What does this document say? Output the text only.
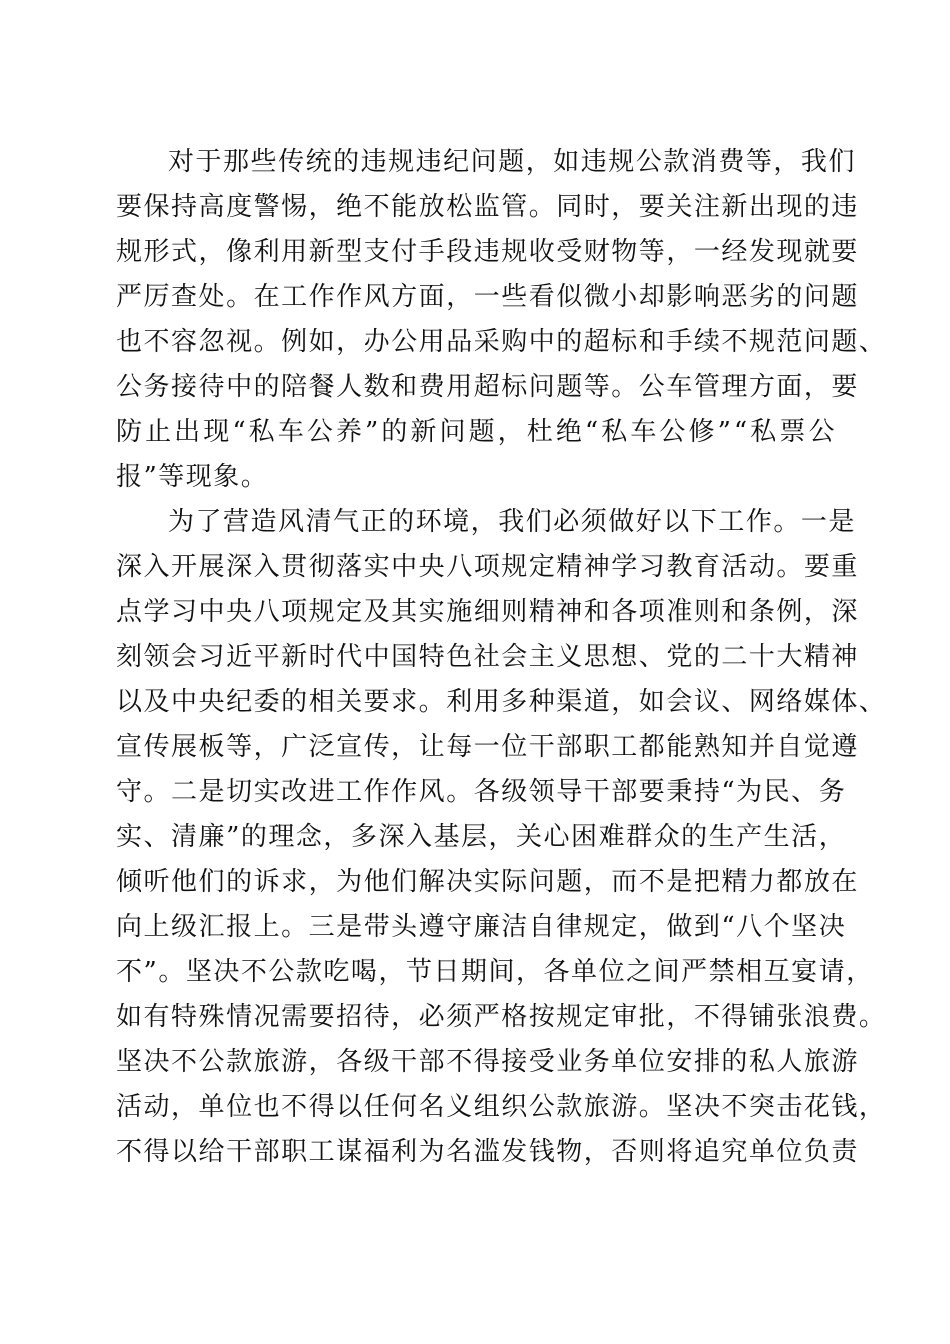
对 于 那 些 传 统 的 违 规 违 纪 问 题 ， 如 违 规 公 款 消 费 等 ， 我 们
要 保 持 高 度 警 惕 ， 绝 不 能 放 松 监 管 。 同 时 ， 要 关 注 新 出 现 的 违
规 形 式 ， 像 利 用 新 型 支 付 手 段 违 规 收 受 财 物 等 ， 一 经 发 现 就 要
严 厉 查 处 。 在 工 作 作 风 方 面 ， 一 些 看 似 微 小 却 影 响 恶 劣 的 问 题
也 不 容 忽 视 。 例 如 ， 办 公 用 品 采 购 中 的 超 标 和 手 续 不 规 范 问 题 、
公 务 接 待 中 的 陪 餐 人 数 和 费 用 超 标 问 题 等 。 公 车 管 理 方 面 ， 要
防 止 出 现 “ 私 车 公 养 ” 的 新 问 题 ， 杜 绝 “ 私 车 公 修 ” “ 私 票 公
报”等现象。
为 了 营 造 风 清 气 正 的 环 境 ， 我 们 必 须 做 好 以 下 工 作 。 一 是
深 入 开 展 深 入 贯 彻 落 实 中 央 八 项 规 定 精 神 学 习 教 育 活 动 。 要 重
点 学 习 中 央 八 项 规 定 及 其 实 施 细 则 精 神 和 各 项 准 则 和 条 例 ， 深
刻 领 会 习 近 平 新 时 代 中 国 特 色 社 会 主 义 思 想 、 党 的 二 十 大 精 神
以 及 中 央 纪 委 的 相 关 要 求 。 利 用 多 种 渠 道 ， 如 会 议 、 网 络 媒 体 、
宣 传 展 板 等 ， 广 泛 宣 传 ， 让 每 一 位 干 部 职 工 都 能 熟 知 并 自 觉 遵
守 。 二 是 切 实 改 进 工 作 作 风 。 各 级 领 导 干 部 要 秉 持 “ 为 民 、 务
实 、 清 廉 ” 的 理 念 ， 多 深 入 基 层 ， 关 心 困 难 群 众 的 生 产 生 活 ，
倾 听 他 们 的 诉 求 ， 为 他 们 解 决 实 际 问 题 ， 而 不 是 把 精 力 都 放 在
向 上 级 汇 报 上 。 三 是 带 头 遵 守 廉 洁 自 律 规 定 ， 做 到 “ 八 个 坚 决
不 ” 。 坚 决 不 公 款 吃 喝 ， 节 日 期 间 ， 各 单 位 之 间 严 禁 相 互 宴 请 ，
如 有 特 殊 情 况 需 要 招 待 ， 必 须 严 格 按 规 定 审 批 ， 不 得 铺 张 浪 费 。
坚 决 不 公 款 旅 游 ， 各 级 干 部 不 得 接 受 业 务 单 位 安 排 的 私 人 旅 游
活 动 ， 单 位 也 不 得 以 任 何 名 义 组 织 公 款 旅 游 。 坚 决 不 突 击 花 钱 ，
不 得 以 给 干 部 职 工 谋 福 利 为 名 滥 发 钱 物 ， 否 则 将 追 究 单 位 负 责
